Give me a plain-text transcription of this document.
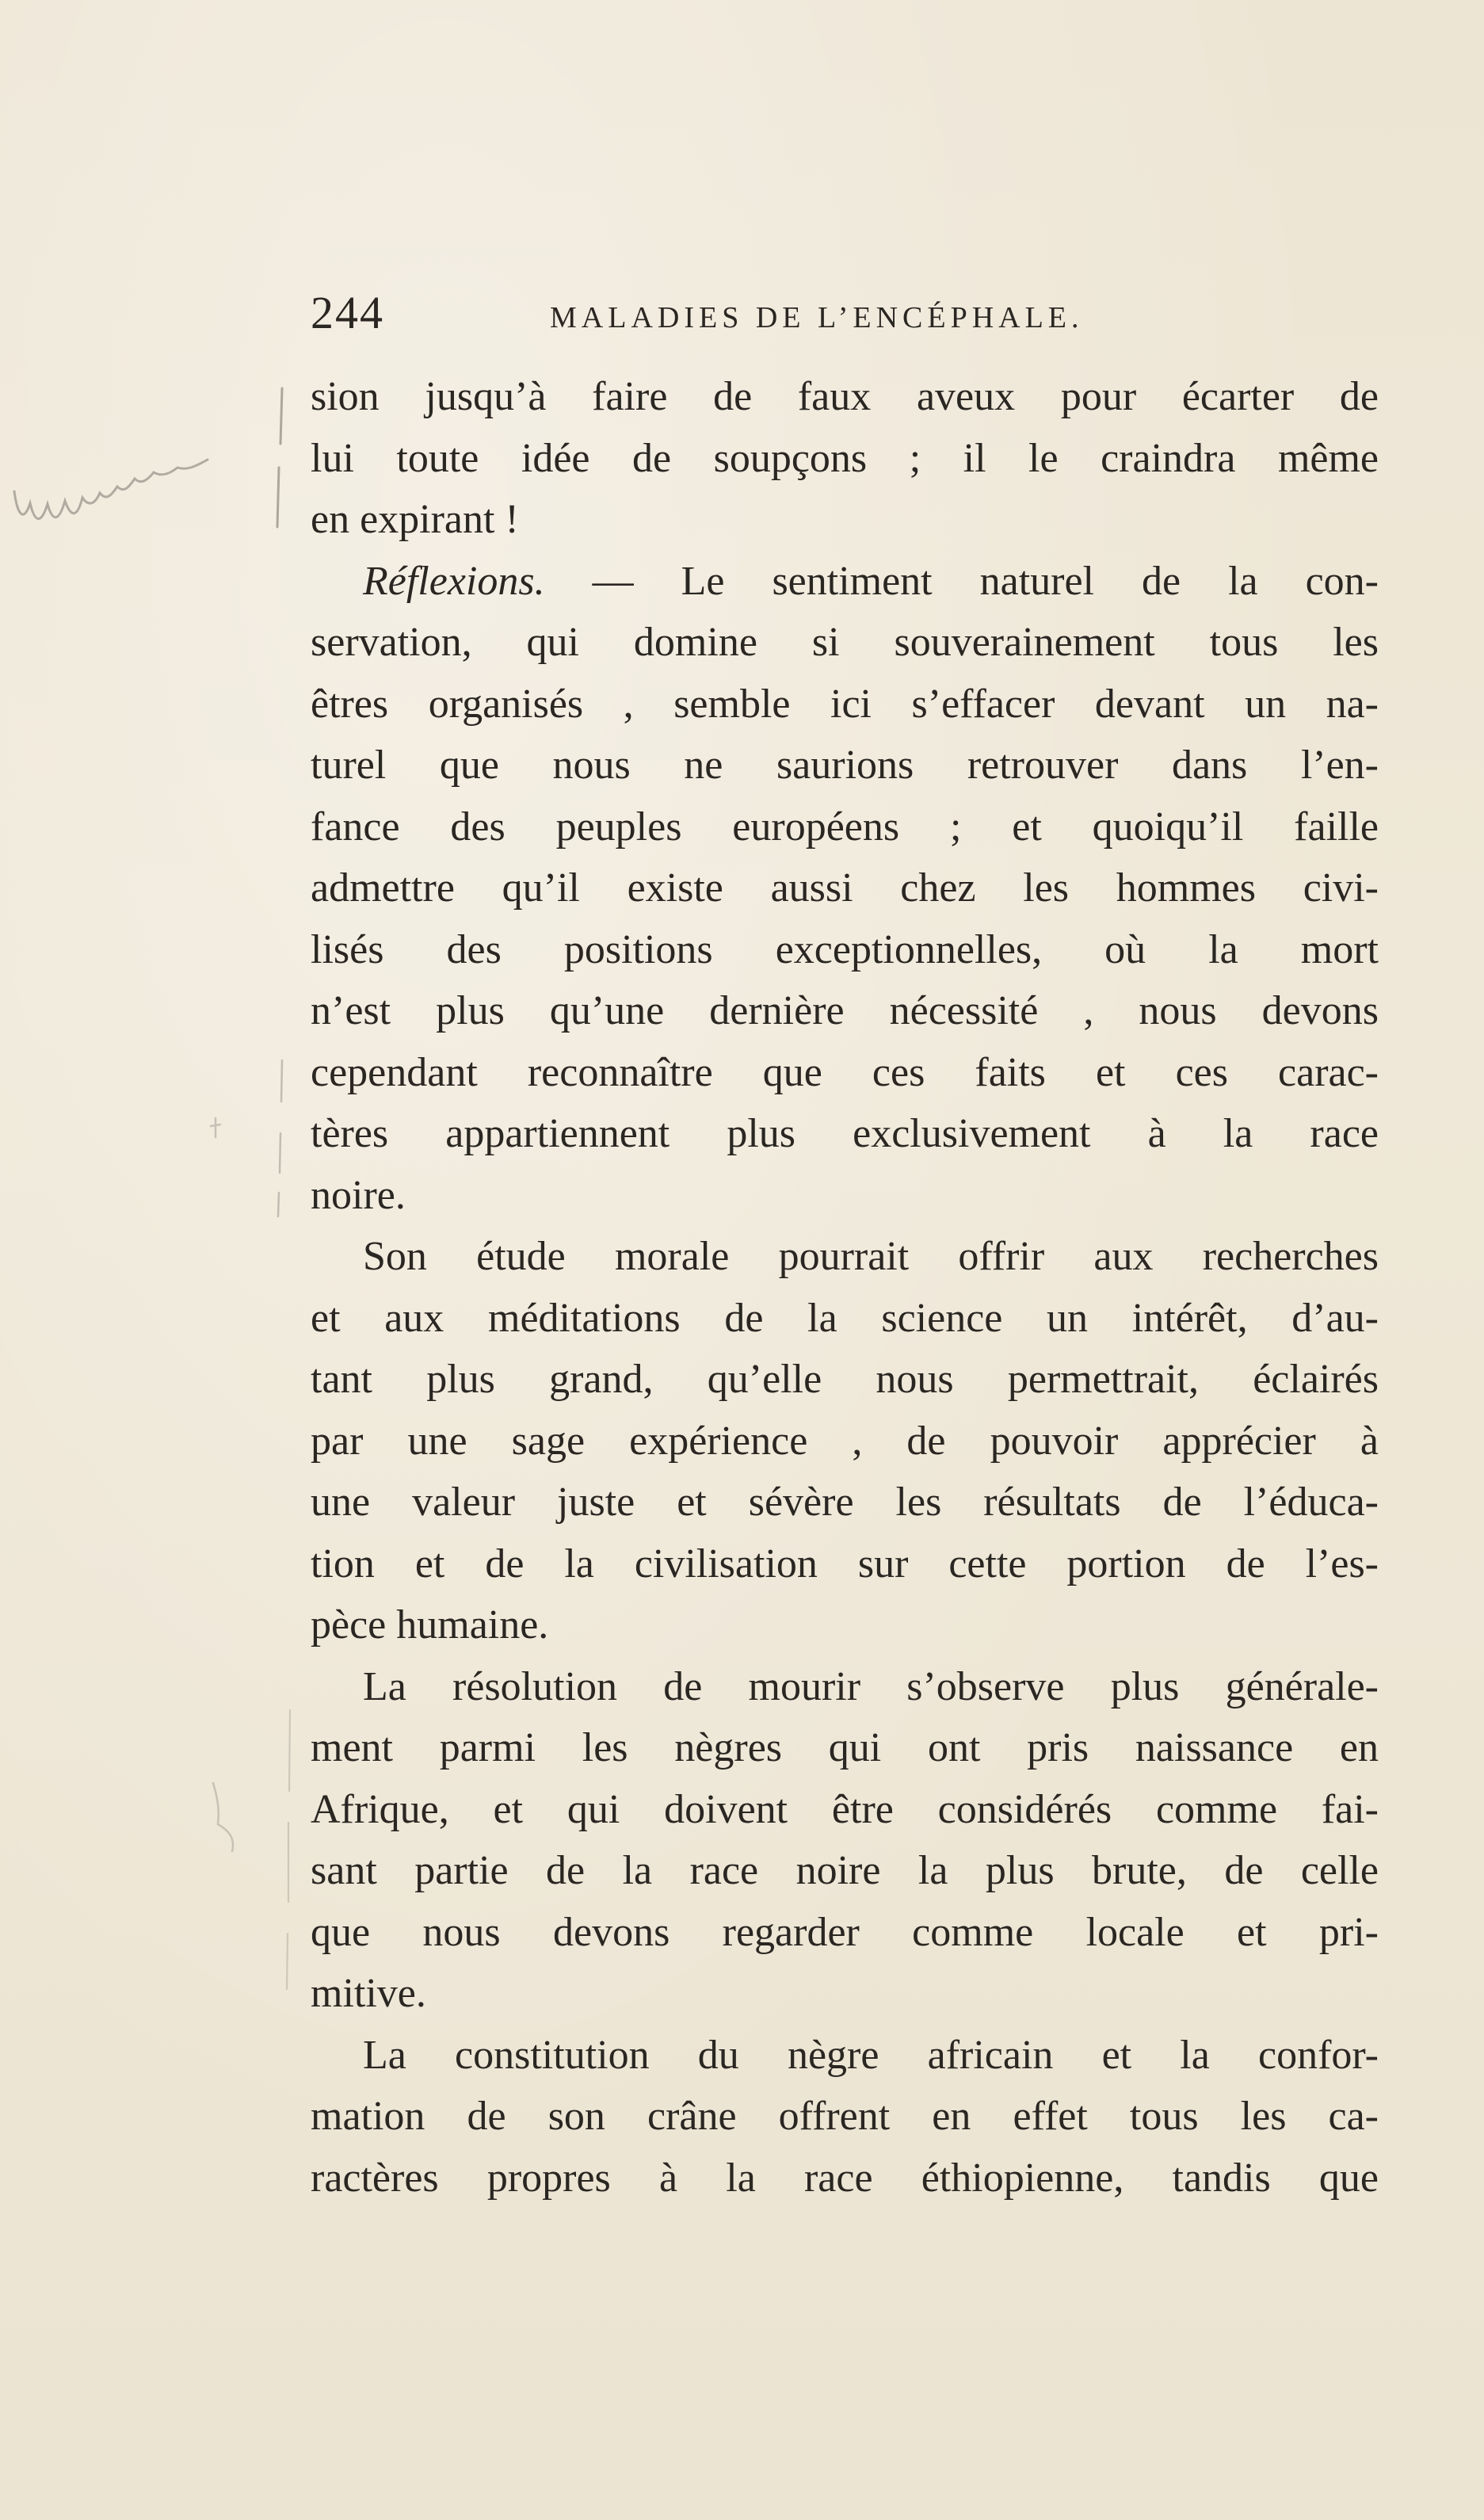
244	MALADIES DE L’ENCÉPHALE.
sion jusqu’à faire de faux aveux pour écarter de
lui toute idée de soupçons ; il le craindra même
en expirant !
Réflexions. — Le sentiment naturel de la con-
servation, qui domine si souverainement tous les
êtres organisés , semble ici s’effacer devant un na-
turel que nous ne saurions retrouver dans l’en-
fance des peuples européens ; et quoiqu’il faille
admettre qu’il existe aussi chez les hommes civi-
lisés des positions exceptionnelles, où la mort
n’est plus qu’une dernière nécessité , nous devons
cependant reconnaître que ces faits et ces carac-
tères appartiennent plus exclusivement à la race
noire.
Son étude morale pourrait offrir aux recherches
et aux méditations de la science un intérêt, d’au-
tant plus grand, qu’elle nous permettrait, éclairés
par une sage expérience , de pouvoir apprécier à
une valeur juste et sévère les résultats de l’éduca-
tion et de la civilisation sur cette portion de l’es-
pèce humaine.
La résolution de mourir s’observe plus générale-
ment parmi les nègres qui ont pris naissance en
Afrique, et qui doivent être considérés comme fai-
sant partie de la race noire la plus brute, de celle
que nous devons regarder comme locale et pri-
mitive.
La constitution du nègre africain et la confor-
mation de son crâne offrent en effet tous les ca-
ractères propres à la race éthiopienne, tandis que
